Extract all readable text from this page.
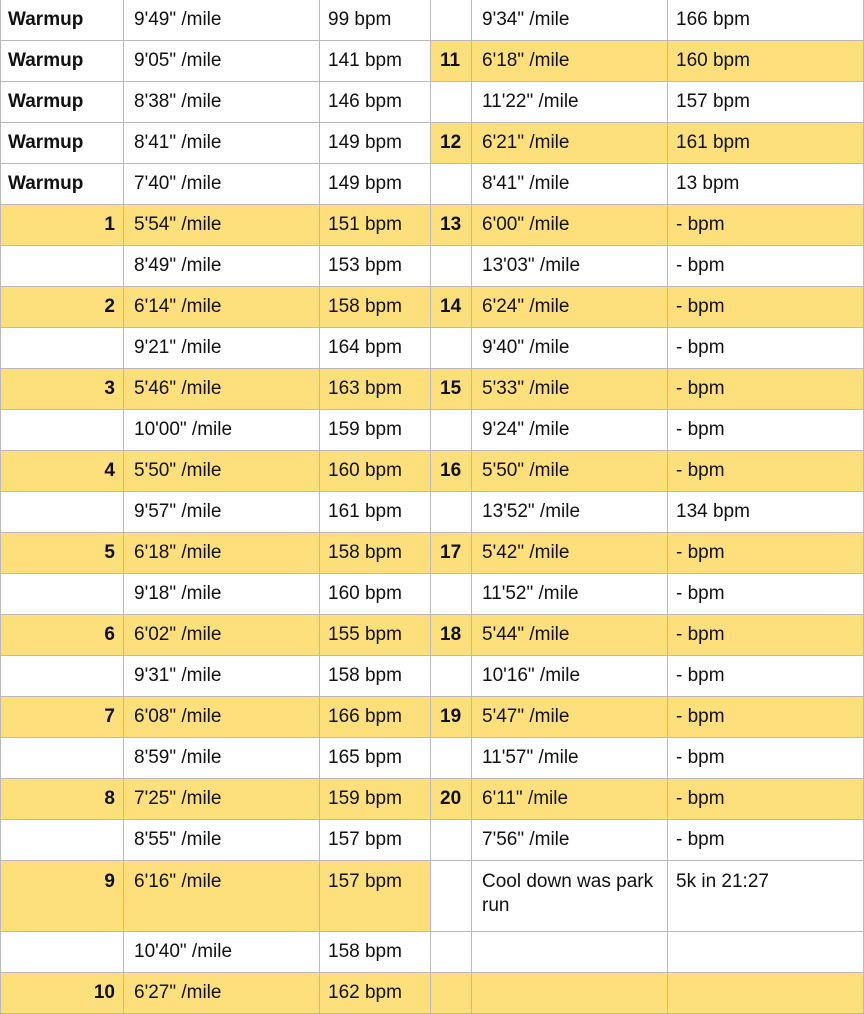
Warmup	9'49" /mile	99 bpm		9'34" /mile	166 bpm
Warmup	9'05" /mile	141 bpm	11	6'18" /mile	160 bpm
Warmup	8'38" /mile	146 bpm		11'22" /mile	157 bpm
Warmup	8'41" /mile	149 bpm	12	6'21" /mile	161 bpm
Warmup	7'40" /mile	149 bpm		8'41" /mile	13 bpm
1	5'54" /mile	151 bpm	13	6'00" /mile	- bpm
	8'49" /mile	153 bpm		13'03" /mile	- bpm
2	6'14" /mile	158 bpm	14	6'24" /mile	- bpm
	9'21" /mile	164 bpm		9'40" /mile	- bpm
3	5'46" /mile	163 bpm	15	5'33" /mile	- bpm
	10'00" /mile	159 bpm		9'24" /mile	- bpm
4	5'50" /mile	160 bpm	16	5'50" /mile	- bpm
	9'57" /mile	161 bpm		13'52" /mile	134 bpm
5	6'18" /mile	158 bpm	17	5'42" /mile	- bpm
	9'18" /mile	160 bpm		11'52" /mile	- bpm
6	6'02" /mile	155 bpm	18	5'44" /mile	- bpm
	9'31" /mile	158 bpm		10'16" /mile	- bpm
7	6'08" /mile	166 bpm	19	5'47" /mile	- bpm
	8'59" /mile	165 bpm		11'57" /mile	- bpm
8	7'25" /mile	159 bpm	20	6'11" /mile	- bpm
	8'55" /mile	157 bpm		7'56" /mile	- bpm
9	6'16" /mile	157 bpm		Cool down was park run	5k in 21:27
	10'40" /mile	158 bpm			
10	6'27" /mile	162 bpm			
